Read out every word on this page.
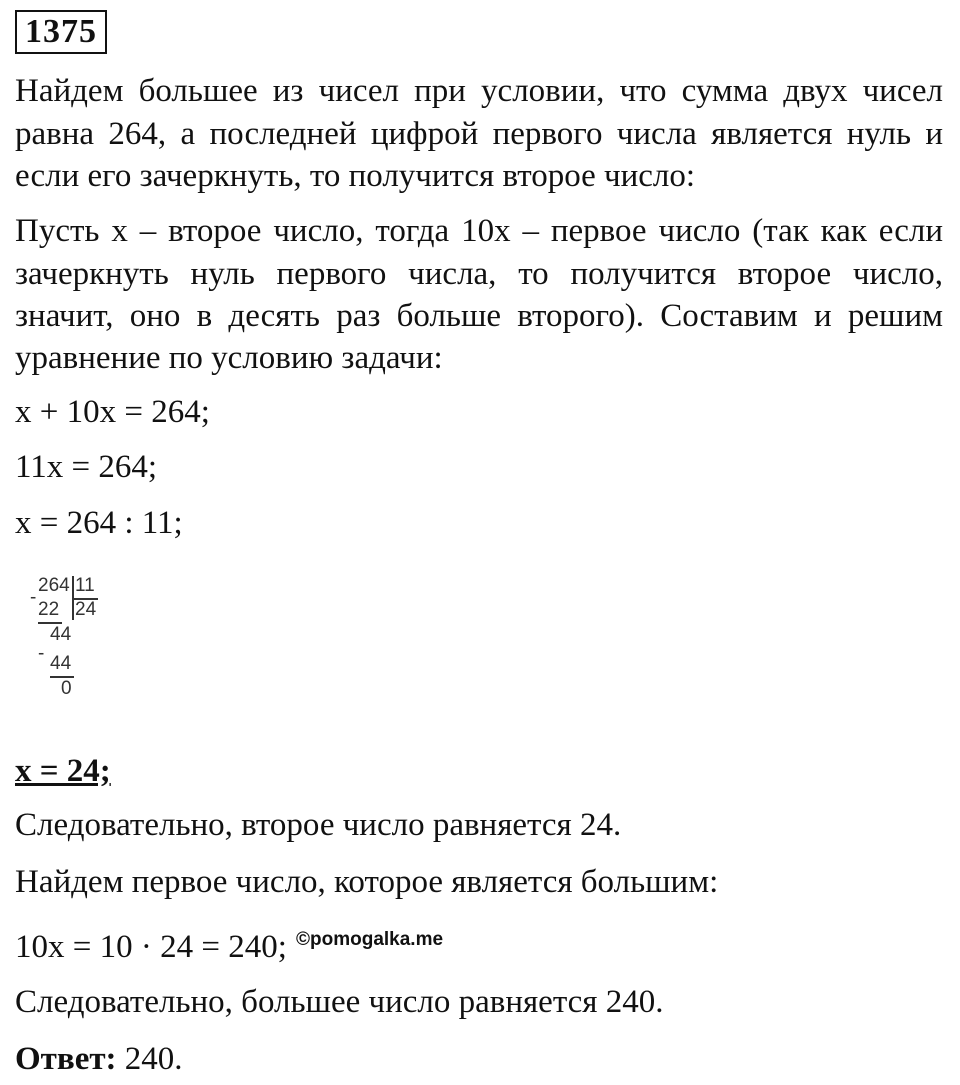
1375
Найдем большее из чисел при условии, что сумма двух чисел
равна 264, а последней цифрой первого числа является нуль и
если его зачеркнуть, то получится второе число:
Пусть x – второе число, тогда 10x – первое число (так как если
зачеркнуть нуль первого числа, то получится второе число,
значит, оно в десять раз больше второго). Составим и решим
уравнение по условию задачи:
x + 10x = 264;
11x = 264;
x = 264 : 11;
264 11
24
-
22
44
- 44
0
x = 24;
Следовательно, второе число равняется 24.
Найдем первое число, которое является большим:
10x = 10 · 24 = 240; ©pomogalka.me
Следовательно, большее число равняется 240.
Ответ: 240.
